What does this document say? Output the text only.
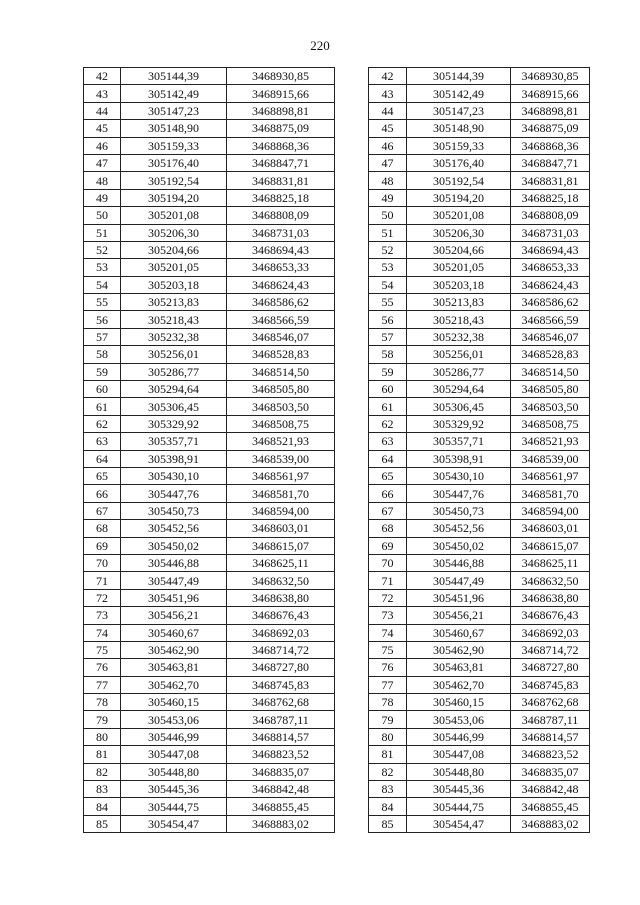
220
42	305144,39	3468930,85
43	305142,49	3468915,66
44	305147,23	3468898,81
45	305148,90	3468875,09
46	305159,33	3468868,36
47	305176,40	3468847,71
48	305192,54	3468831,81
49	305194,20	3468825,18
50	305201,08	3468808,09
51	305206,30	3468731,03
52	305204,66	3468694,43
53	305201,05	3468653,33
54	305203,18	3468624,43
55	305213,83	3468586,62
56	305218,43	3468566,59
57	305232,38	3468546,07
58	305256,01	3468528,83
59	305286,77	3468514,50
60	305294,64	3468505,80
61	305306,45	3468503,50
62	305329,92	3468508,75
63	305357,71	3468521,93
64	305398,91	3468539,00
65	305430,10	3468561,97
66	305447,76	3468581,70
67	305450,73	3468594,00
68	305452,56	3468603,01
69	305450,02	3468615,07
70	305446,88	3468625,11
71	305447,49	3468632,50
72	305451,96	3468638,80
73	305456,21	3468676,43
74	305460,67	3468692,03
75	305462,90	3468714,72
76	305463,81	3468727,80
77	305462,70	3468745,83
78	305460,15	3468762,68
79	305453,06	3468787,11
80	305446,99	3468814,57
81	305447,08	3468823,52
82	305448,80	3468835,07
83	305445,36	3468842,48
84	305444,75	3468855,45
85	305454,47	3468883,02
42	305144,39	3468930,85
43	305142,49	3468915,66
44	305147,23	3468898,81
45	305148,90	3468875,09
46	305159,33	3468868,36
47	305176,40	3468847,71
48	305192,54	3468831,81
49	305194,20	3468825,18
50	305201,08	3468808,09
51	305206,30	3468731,03
52	305204,66	3468694,43
53	305201,05	3468653,33
54	305203,18	3468624,43
55	305213,83	3468586,62
56	305218,43	3468566,59
57	305232,38	3468546,07
58	305256,01	3468528,83
59	305286,77	3468514,50
60	305294,64	3468505,80
61	305306,45	3468503,50
62	305329,92	3468508,75
63	305357,71	3468521,93
64	305398,91	3468539,00
65	305430,10	3468561,97
66	305447,76	3468581,70
67	305450,73	3468594,00
68	305452,56	3468603,01
69	305450,02	3468615,07
70	305446,88	3468625,11
71	305447,49	3468632,50
72	305451,96	3468638,80
73	305456,21	3468676,43
74	305460,67	3468692,03
75	305462,90	3468714,72
76	305463,81	3468727,80
77	305462,70	3468745,83
78	305460,15	3468762,68
79	305453,06	3468787,11
80	305446,99	3468814,57
81	305447,08	3468823,52
82	305448,80	3468835,07
83	305445,36	3468842,48
84	305444,75	3468855,45
85	305454,47	3468883,02
